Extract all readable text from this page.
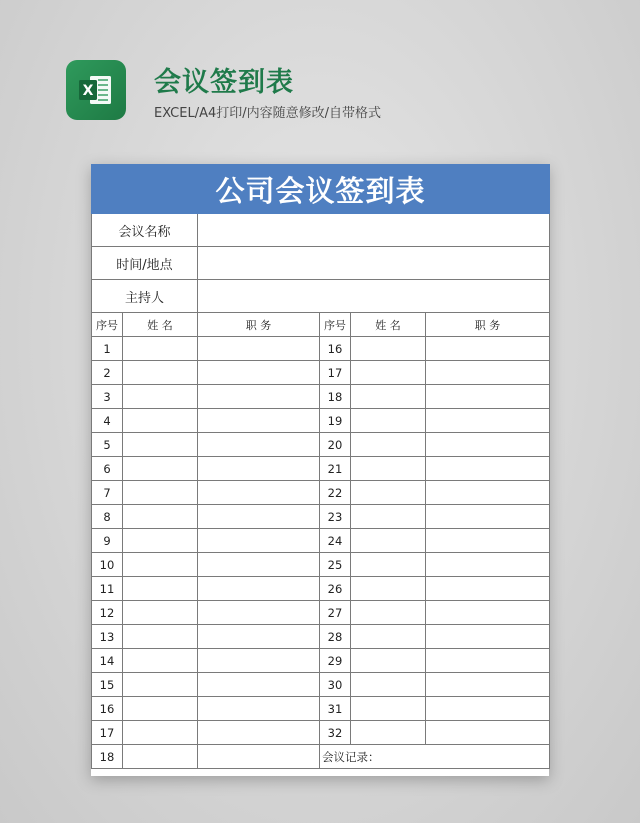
X 会议签到表
EXCEL/A4打印/内容随意修改/自带格式
公司会议签到表					
会议名称					
时间/地点					
主持人					
序号	姓 名	职 务	序号	姓 名	职 务
1			16		
2			17		
3			18		
4			19		
5			20		
6			21		
7			22		
8			23		
9			24		
10			25		
11			26		
12			27		
13			28		
14			29		
15			30		
16			31		
17			32		
18			会议记录：		
